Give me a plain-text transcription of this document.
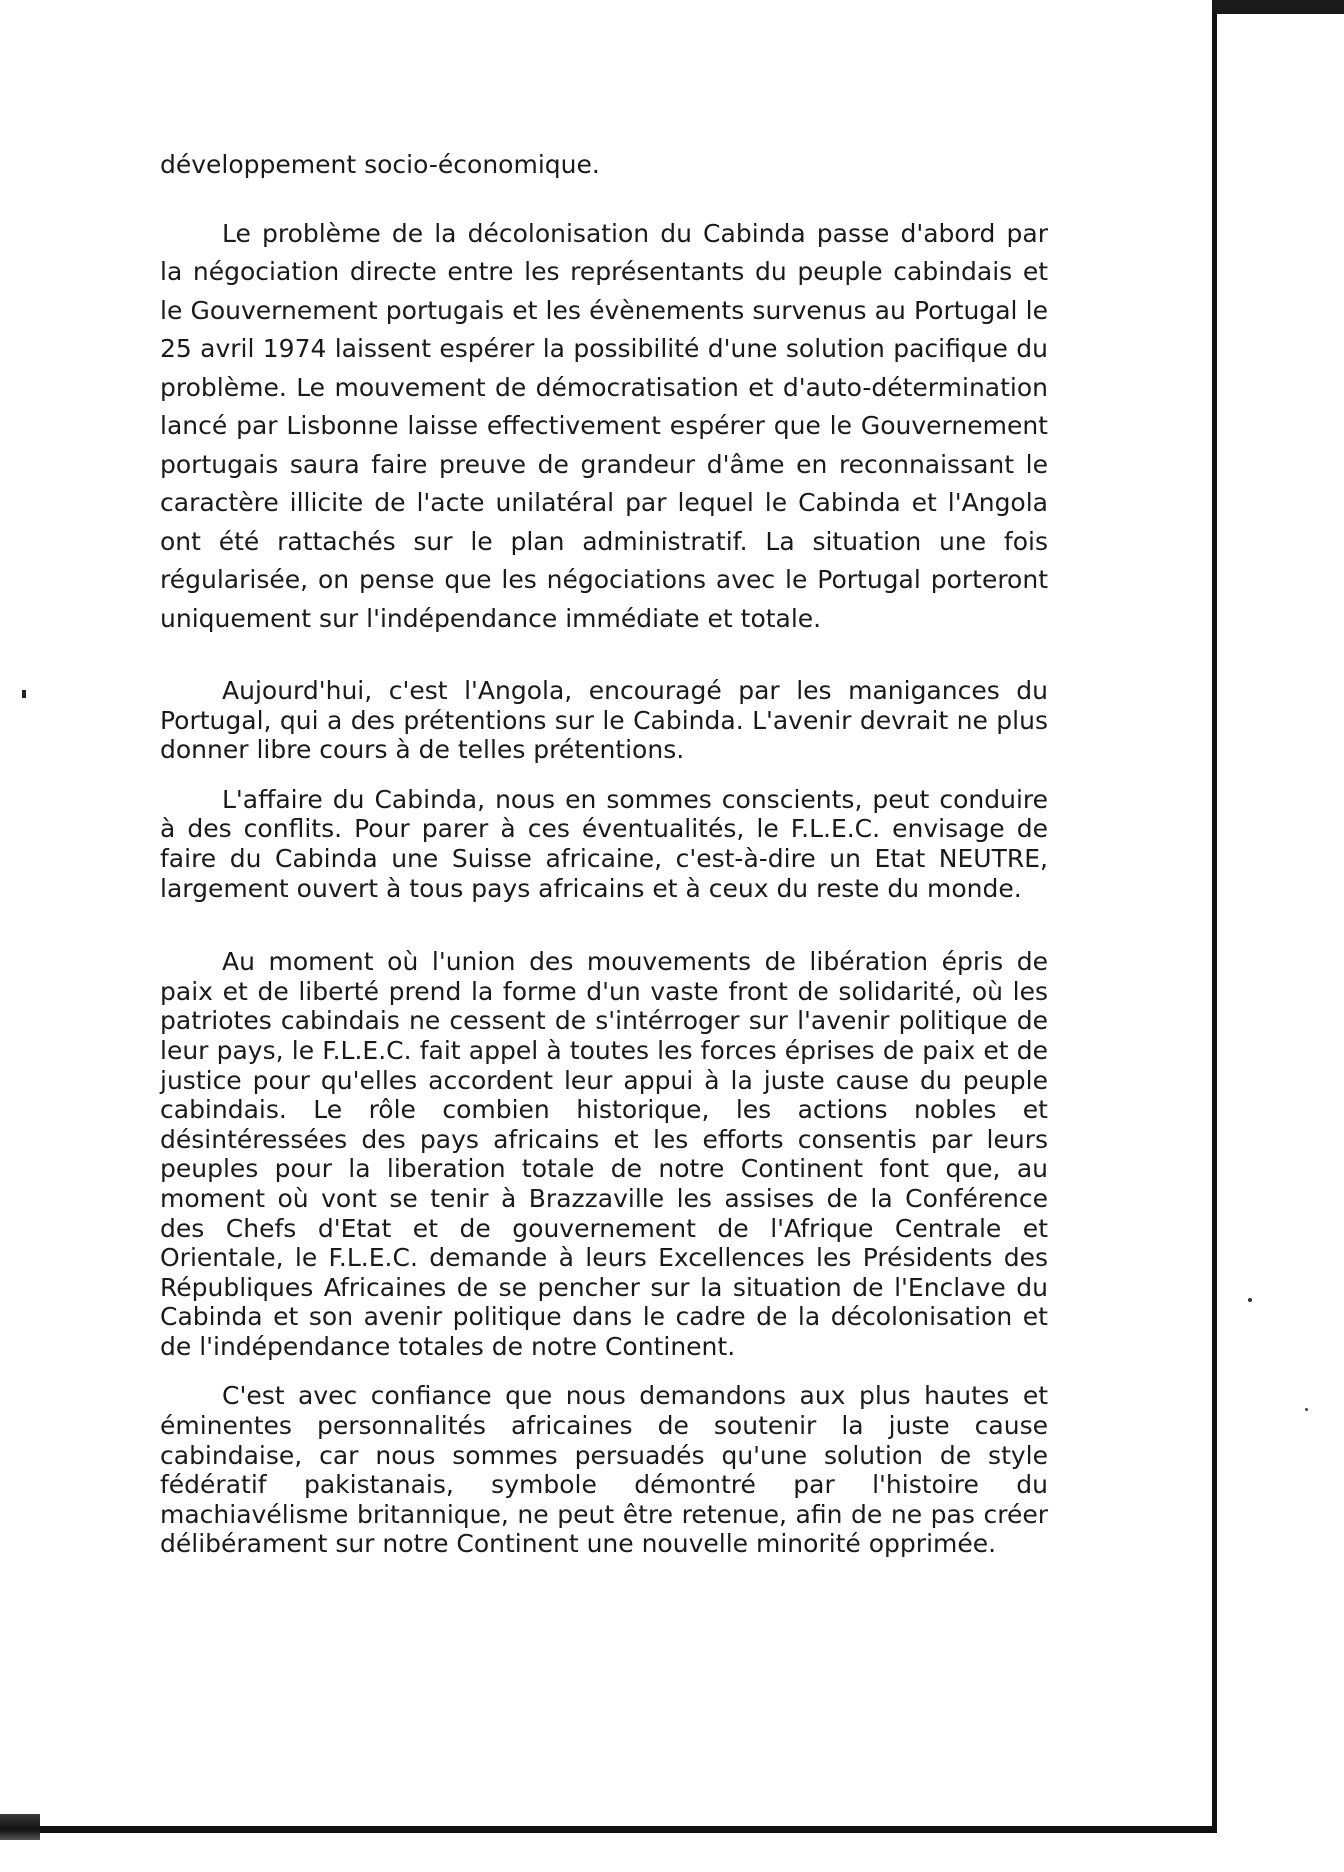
développement socio-économique.

Le problème de la décolonisation du Cabinda passe d'abord par la négociation directe entre les représentants du peuple cabindais et le Gouvernement portugais et les évènements survenus au Portugal le 25 avril 1974 laissent espérer la possibilité d'une solution pacifique du problème. Le mouvement de démocratisation et d'auto-détermination lancé par Lisbonne laisse effectivement espérer que le Gouvernement portugais saura faire preuve de grandeur d'âme en reconnaissant le caractère illicite de l'acte unilatéral par lequel le Cabinda et l'Angola ont été rattachés sur le plan administratif. La situation une fois régularisée, on pense que les négociations avec le Portugal porteront uniquement sur l'indépendance immédiate et totale.

Aujourd'hui, c'est l'Angola, encouragé par les manigances du Portugal, qui a des prétentions sur le Cabinda. L'avenir devrait ne plus donner libre cours à de telles prétentions.

L'affaire du Cabinda, nous en sommes conscients, peut conduire à des conflits. Pour parer à ces éventualités, le F.L.E.C. envisage de faire du Cabinda une Suisse africaine, c'est-à-dire un Etat NEUTRE, largement ouvert à tous pays africains et à ceux du reste du monde.

Au moment où l'union des mouvements de libération épris de paix et de liberté prend la forme d'un vaste front de solidarité, où les patriotes cabindais ne cessent de s'intérroger sur l'avenir politique de leur pays, le F.L.E.C. fait appel à toutes les forces éprises de paix et de justice pour qu'elles accordent leur appui à la juste cause du peuple cabindais. Le rôle combien historique, les actions nobles et désintéressées des pays africains et les efforts consentis par leurs peuples pour la liberation totale de notre Continent font que, au moment où vont se tenir à Brazzaville les assises de la Conférence des Chefs d'Etat et de gouvernement de l'Afrique Centrale et Orientale, le F.L.E.C. demande à leurs Excellences les Présidents des Républiques Africaines de se pencher sur la situation de l'Enclave du Cabinda et son avenir politique dans le cadre de la décolonisation et de l'indépendance totales de notre Continent.

C'est avec confiance que nous demandons aux plus hautes et éminentes personnalités africaines de soutenir la juste cause cabindaise, car nous sommes persuadés qu'une solution de style fédératif pakistanais, symbole démontré par l'histoire du machiavélisme britannique, ne peut être retenue, afin de ne pas créer délibérament sur notre Continent une nouvelle minorité opprimée.
